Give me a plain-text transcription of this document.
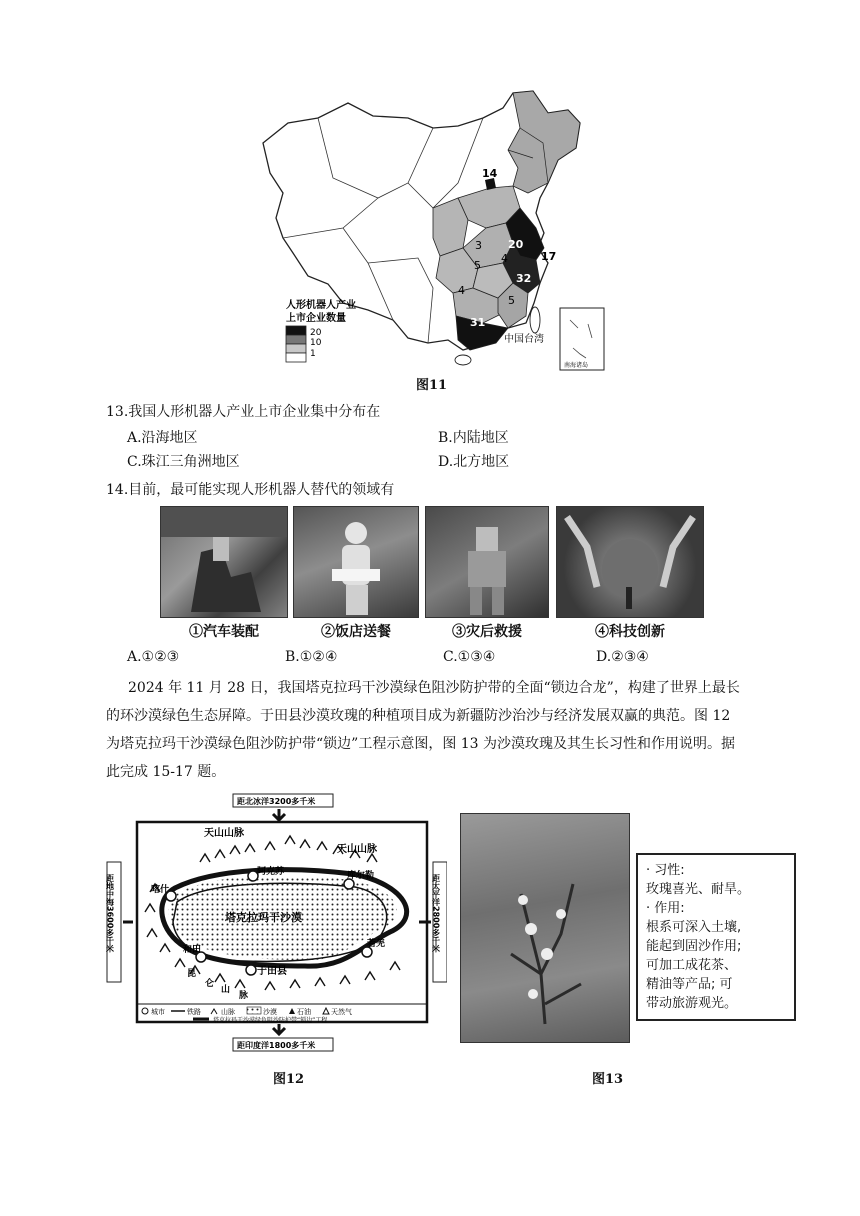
14
3 20
4	17
5
32
4
5
31
中国台湾
南海诸岛
人形机器人产业
上市企业数量
20
10
1
图11
13.我国人形机器人产业上市企业集中分布在
A.沿海地区	B.内陆地区
C.珠江三角洲地区	D.北方地区
14.目前，最可能实现人形机器人替代的领域有
①汽车装配	②饭店送餐	③灾后救援	④科技创新
A.①②③	B.①②④	C.①③④	D.②③④
2024 年 11 月 28 日，我国塔克拉玛干沙漠绿色阻沙防护带的全面“锁边合龙”，构建了世界上最长
的环沙漠绿色生态屏障。于田县沙漠玫瑰的种植项目成为新疆防沙治沙与经济发展双赢的典范。图 12
为塔克拉玛干沙漠绿色阻沙防护带“锁边”工程示意图，图 13 为沙漠玫瑰及其生长习性和作用说明。据
此完成 15-17 题。
距北冰洋3200多千米
距地中海3600多千米	距太平洋2800多千米
天山山脉
天山山脉
塔克拉玛干沙漠
喀什
阿克苏	库尔勒
若羌
和田
于田县
昆
仑
山
脉
城市	铁路	山脉	沙漠	石油	天然气
塔克拉玛干沙漠绿色阻沙防护带“锁边”工程
距印度洋1800多千米
图12
· 习性:
玫瑰喜光、耐旱。
· 作用:
根系可深入土壤,
能起到固沙作用;
可加工成花茶、
精油等产品; 可
带动旅游观光。
图13
